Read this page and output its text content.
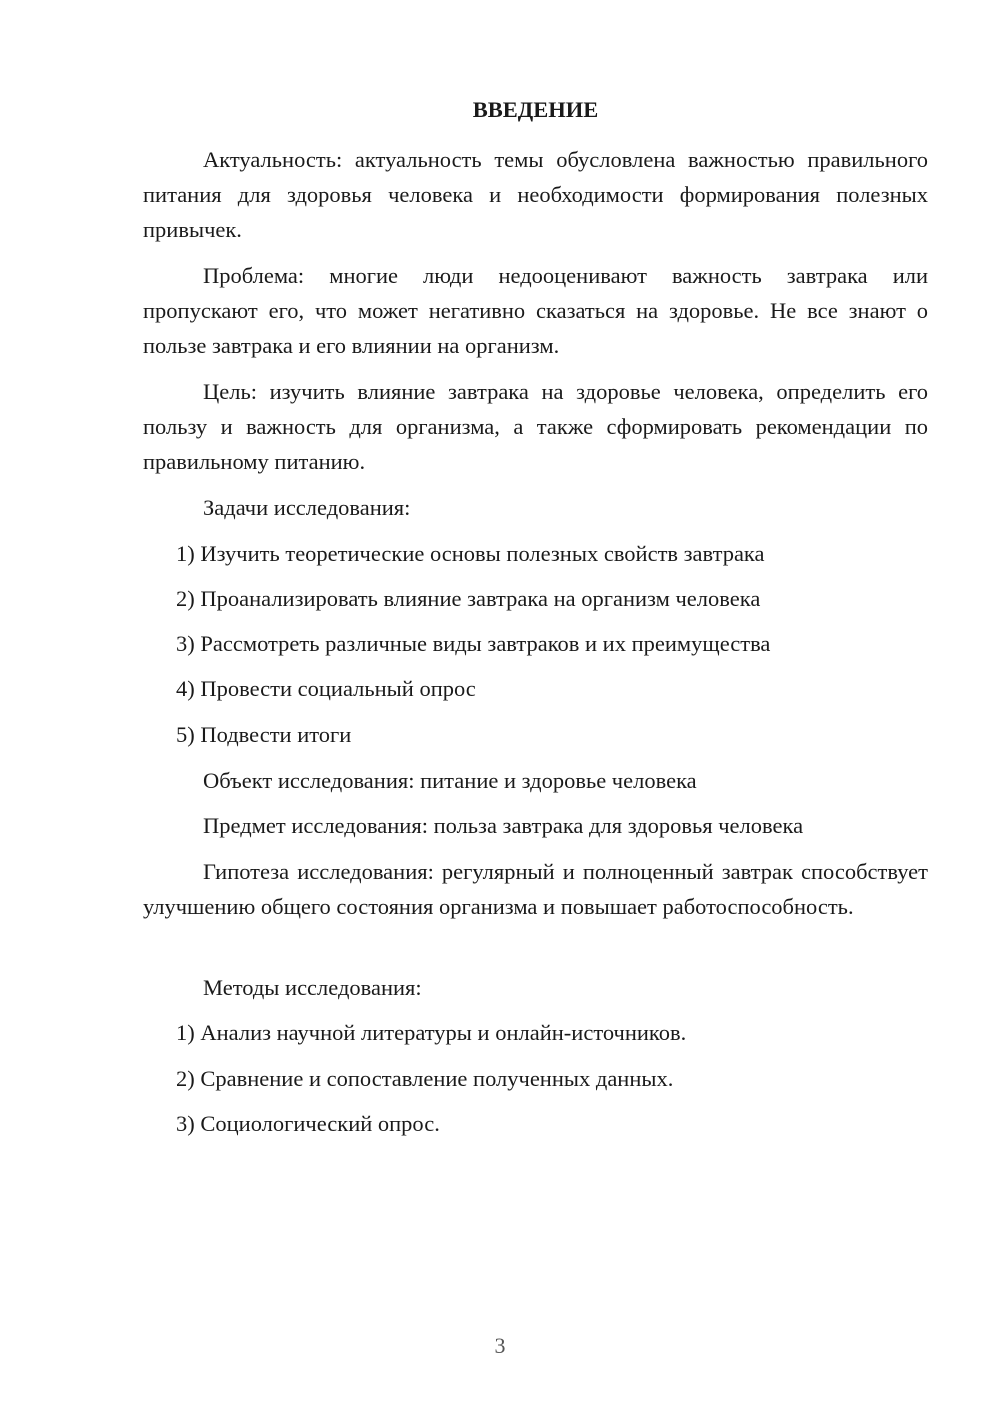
ВВЕДЕНИЕ

Актуальность: актуальность темы обусловлена важностью правильного питания для здоровья человека и необходимости формирования полезных привычек.

Проблема: многие люди недооценивают важность завтрака или пропускают его, что может негативно сказаться на здоровье. Не все знают о пользе завтрака и его влиянии на организм.

Цель: изучить влияние завтрака на здоровье человека, определить его пользу и важность для организма, а также сформировать рекомендации по правильному питанию.

Задачи исследования:
1) Изучить теоретические основы полезных свойств завтрака
2) Проанализировать влияние завтрака на организм человека
3) Рассмотреть различные виды завтраков и их преимущества
4) Провести социальный опрос
5) Подвести итоги
Объект исследования: питание и здоровье человека
Предмет исследования: польза завтрака для здоровья человека

Гипотеза исследования: регулярный и полноценный завтрак способствует улучшению общего состояния организма и повышает работоспособность.

Методы исследования:
1) Анализ научной литературы и онлайн-источников.
2) Сравнение и сопоставление полученных данных.
3) Социологический опрос.
3
